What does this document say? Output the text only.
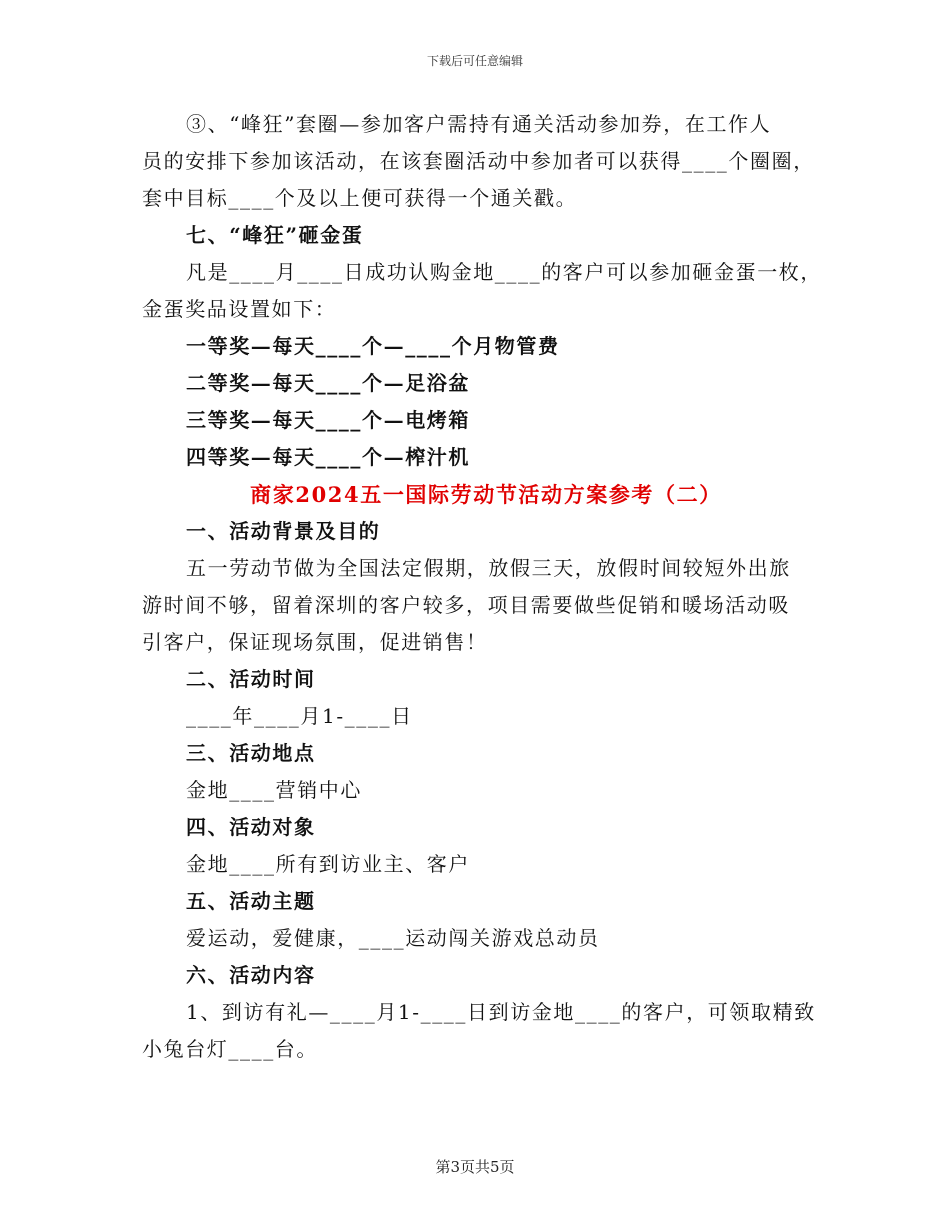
下载后可任意编辑
③、“峰狂”套圈—参加客户需持有通关活动参加券，在工作人
员的安排下参加该活动，在该套圈活动中参加者可以获得____个圈圈，
套中目标____个及以上便可获得一个通关戳。
七、“峰狂”砸金蛋
凡是____月____日成功认购金地____的客户可以参加砸金蛋一枚，
金蛋奖品设置如下：
一等奖—每天____个—____个月物管费
二等奖—每天____个—足浴盆
三等奖—每天____个—电烤箱
四等奖—每天____个—榨汁机
商家2024五一国际劳动节活动方案参考（二）
一、活动背景及目的
五一劳动节做为全国法定假期，放假三天，放假时间较短外出旅
游时间不够，留着深圳的客户较多，项目需要做些促销和暖场活动吸
引客户，保证现场氛围，促进销售！
二、活动时间
____年____月1-____日
三、活动地点
金地____营销中心
四、活动对象
金地____所有到访业主、客户
五、活动主题
爱运动，爱健康，____运动闯关游戏总动员
六、活动内容
1、到访有礼—____月1-____日到访金地____的客户，可领取精致
小兔台灯____台。
第3页共5页
